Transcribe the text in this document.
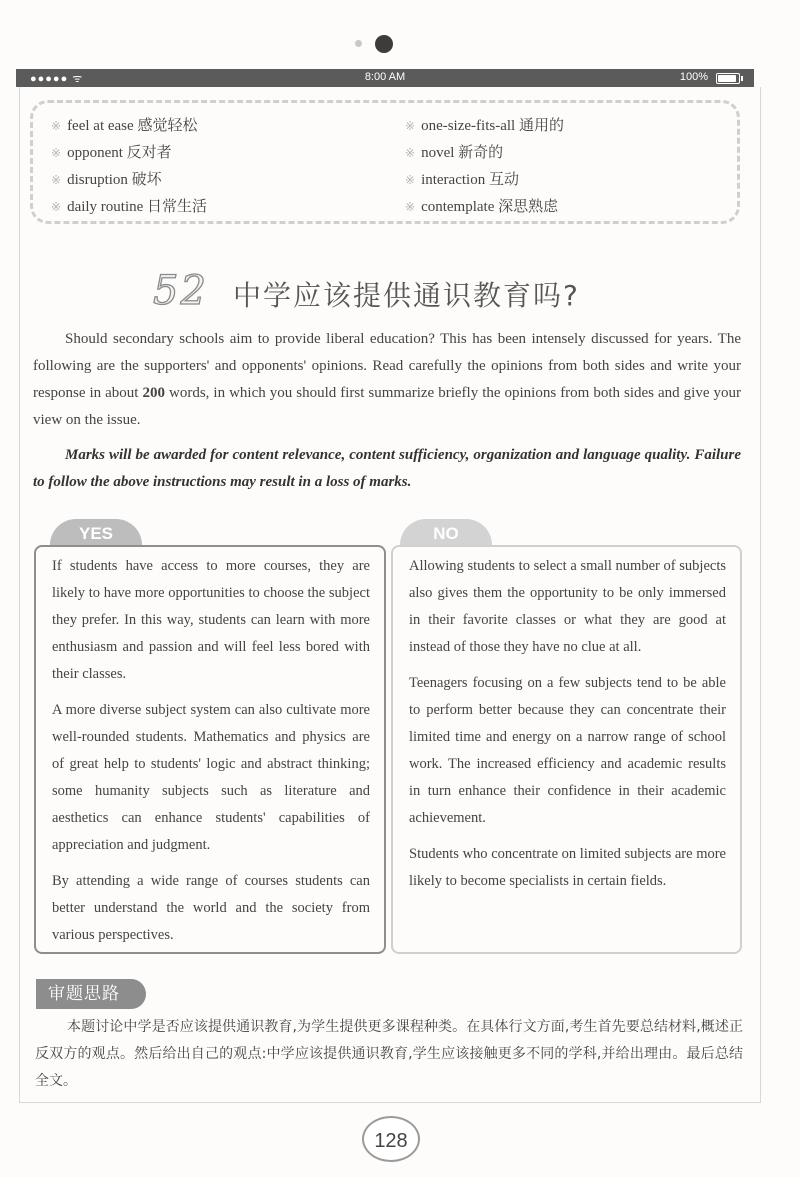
●●●●● ᯤ	8:00 AM	100%
※ feel at ease 感觉轻松
※ opponent 反对者
※ disruption 破坏
※ daily routine 日常生活
※ one-size-fits-all 通用的
※ novel 新奇的
※ interaction 互动
※ contemplate 深思熟虑
52 中学应该提供通识教育吗?

Should secondary schools aim to provide liberal education? This has been intensely discussed for years. The following are the supporters' and opponents' opinions. Read carefully the opinions from both sides and write your response in about 200 words, in which you should first summarize briefly the opinions from both sides and give your view on the issue.

Marks will be awarded for content relevance, content sufficiency, organization and language quality. Failure to follow the above instructions may result in a loss of marks.

YES

If students have access to more courses, they are likely to have more opportunities to choose the subject they prefer. In this way, students can learn with more enthusiasm and passion and will feel less bored with their classes.

A more diverse subject system can also cultivate more well-rounded students. Mathematics and physics are of great help to students' logic and abstract thinking; some humanity subjects such as literature and aesthetics can enhance students' capabilities of appreciation and judgment.

By attending a wide range of courses students can better understand the world and the society from various perspectives.

NO

Allowing students to select a small number of subjects also gives them the opportunity to be only immersed in their favorite classes or what they are good at instead of those they have no clue at all.

Teenagers focusing on a few subjects tend to be able to perform better because they can concentrate their limited time and energy on a narrow range of school work. The increased efficiency and academic results in turn enhance their confidence in their academic achievement.

Students who concentrate on limited subjects are more likely to become specialists in certain fields.

审题思路

本题讨论中学是否应该提供通识教育,为学生提供更多课程种类。在具体行文方面,考生首先要总结材料,概述正反双方的观点。然后给出自己的观点:中学应该提供通识教育,学生应该接触更多不同的学科,并给出理由。最后总结全文。

128
